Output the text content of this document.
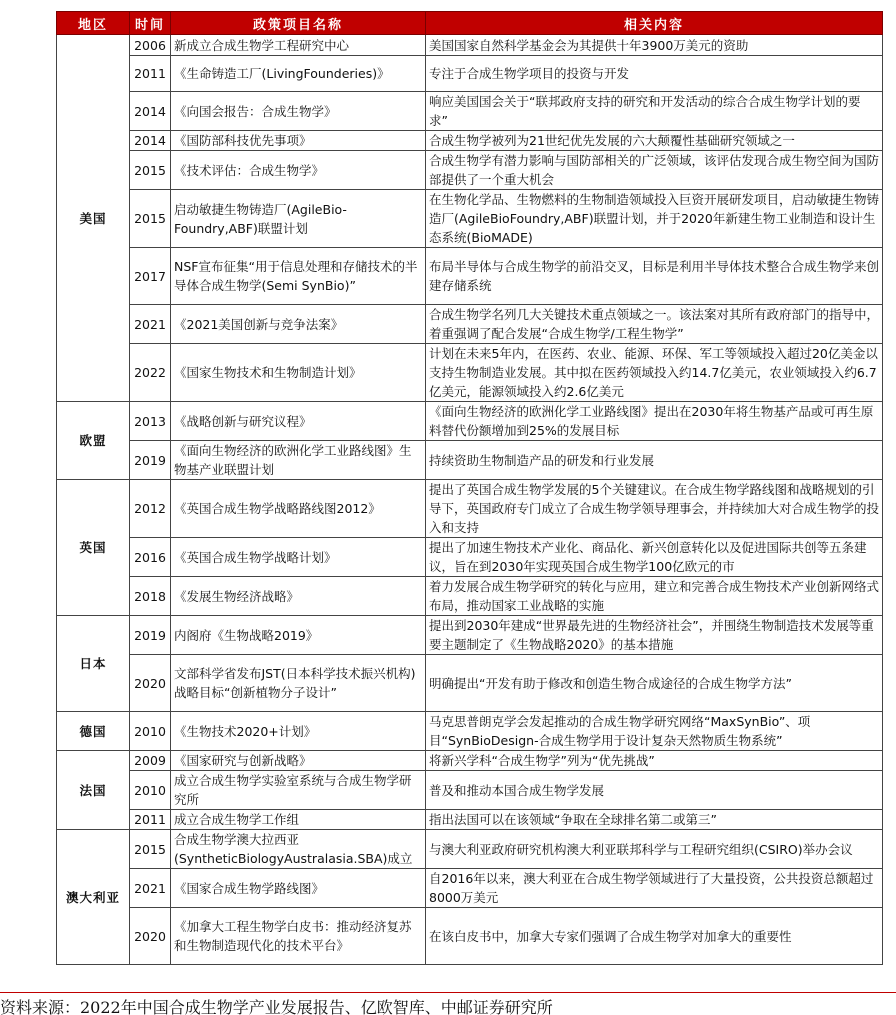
地区	时间	政策项目名称	相关内容
美国	2006	新成立合成生物学工程研究中心	美国国家自然科学基金会为其提供十年3900万美元的资助
	2011	《生命铸造工厂(LivingFounderies)》	专注于合成生物学项目的投资与开发
	2014	《向国会报告：合成生物学》	响应美国国会关于“联邦政府支持的研究和开发活动的综合合成生物学计划的要求”
	2014	《国防部科技优先事项》	合成生物学被列为21世纪优先发展的六大颠覆性基础研究领域之一
	2015	《技术评估：合成生物学》	合成生物学有潜力影响与国防部相关的广泛领域，该评估发现合成生物空间为国防部提供了一个重大机会
	2015	启动敏捷生物铸造厂(AgileBio-Foundry,ABF)联盟计划	在生物化学品、生物燃料的生物制造领域投入巨资开展研发项目，启动敏捷生物铸造厂(AgileBioFoundry,ABF)联盟计划，并于2020年新建生物工业制造和设计生态系统(BioMADE)
	2017	NSF宣布征集“用于信息处理和存储技术的半导体合成生物学(Semi SynBio)”	布局半导体与合成生物学的前沿交叉，目标是利用半导体技术整合合成生物学来创建存储系统
	2021	《2021美国创新与竞争法案》	合成生物学名列几大关键技术重点领域之一。该法案对其所有政府部门的指导中，着重强调了配合发展“合成生物学/工程生物学”
	2022	《国家生物技术和生物制造计划》	计划在未来5年内，在医药、农业、能源、环保、军工等领域投入超过20亿美金以支持生物制造业发展。其中拟在医药领域投入约14.7亿美元，农业领域投入约6.7亿美元，能源领域投入约2.6亿美元
欧盟	2013	《战略创新与研究议程》	《面向生物经济的欧洲化学工业路线图》提出在2030年将生物基产品或可再生原料替代份额增加到25%的发展目标
	2019	《面向生物经济的欧洲化学工业路线图》生物基产业联盟计划	持续资助生物制造产品的研发和行业发展
英国	2012	《英国合成生物学战略路线图2012》	提出了英国合成生物学发展的5个关键建议。在合成生物学路线图和战略规划的引导下，英国政府专门成立了合成生物学领导理事会，并持续加大对合成生物学的投入和支持
	2016	《英国合成生物学战略计划》	提出了加速生物技术产业化、商品化、新兴创意转化以及促进国际共创等五条建议，旨在到2030年实现英国合成生物学100亿欧元的市
	2018	《发展生物经济战略》	着力发展合成生物学研究的转化与应用，建立和完善合成生物技术产业创新网络式布局，推动国家工业战略的实施
日本	2019	内阁府《生物战略2019》	提出到2030年建成“世界最先进的生物经济社会”，并围绕生物制造技术发展等重要主题制定了《生物战略2020》的基本措施
	2020	文部科学省发布JST(日本科学技术振兴机构)战略目标“创新植物分子设计”	明确提出“开发有助于修改和创造生物合成途径的合成生物学方法”
德国	2010	《生物技术2020+计划》	马克思普朗克学会发起推动的合成生物学研究网络“MaxSynBio”、项目“SynBioDesign-合成生物学用于设计复杂天然物质生物系统”
法国	2009	《国家研究与创新战略》	将新兴学科“合成生物学”列为“优先挑战”
	2010	成立合成生物学实验室系统与合成生物学研究所	普及和推动本国合成生物学发展
	2011	成立合成生物学工作组	指出法国可以在该领域“争取在全球排名第二或第三”
澳大利亚	2015	合成生物学澳大拉西亚(SyntheticBiologyAustralasia.SBA)成立	与澳大利亚政府研究机构澳大利亚联邦科学与工程研究组织(CSIRO)举办会议
	2021	《国家合成生物学路线图》	自2016年以来，澳大利亚在合成生物学领域进行了大量投资，公共投资总额超过8000万美元
	2020	《加拿大工程生物学白皮书：推动经济复苏和生物制造现代化的技术平台》	在该白皮书中，加拿大专家们强调了合成生物学对加拿大的重要性
资料来源：2022年中国合成生物学产业发展报告、亿欧智库、中邮证券研究所
